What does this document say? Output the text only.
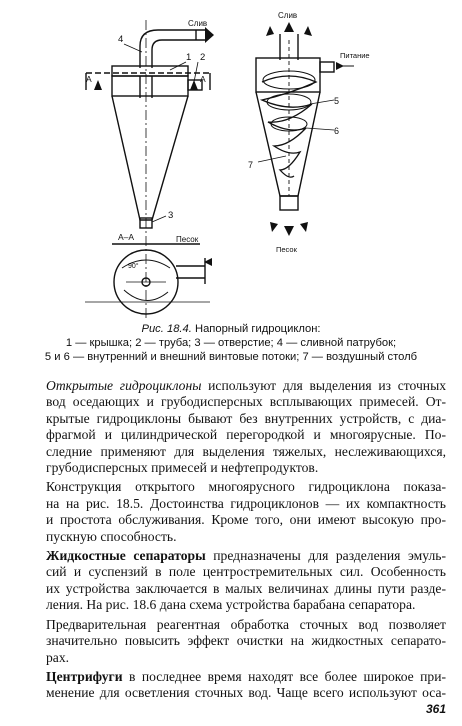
4
1 2
3
Слив
А	А
А–А	Песок
90°
Слив
Питание
5
6
7
Песок
Рис. 18.4. Напорный гидроциклон:
1 — крышка; 2 — труба; 3 — отверстие; 4 — сливной патрубок;
5 и 6 — внутренний и внешний винтовые потоки; 7 — воздушный столб

Открытые гидроциклоны используют для выделения из сточных
вод оседающих и грубодисперсных всплывающих примесей. От-
крытые гидроциклоны бывают без внутренних устройств, с диа-
фрагмой и цилиндрической перегородкой и многоярусные. По-
следние применяют для выделения тяжелых, неслеживающихся,
грубодисперсных примесей и нефтепродуктов.

Конструкция открытого многоярусного гидроциклона показа-
на на рис. 18.5. Достоинства гидроциклонов — их компактность
и простота обслуживания. Кроме того, они имеют высокую про-
пускную способность.

Жидкостные сепараторы предназначены для разделения эмуль-
сий и суспензий в поле центростремительных сил. Особенность
их устройства заключается в малых величинах длины пути разде-
ления. На рис. 18.6 дана схема устройства барабана сепаратора.

Предварительная реагентная обработка сточных вод позволяет
значительно повысить эффект очистки на жидкостных сепарато-
рах.

Центрифуги в последнее время находят все более широкое при-
менение для осветления сточных вод. Чаще всего используют оса-

361
